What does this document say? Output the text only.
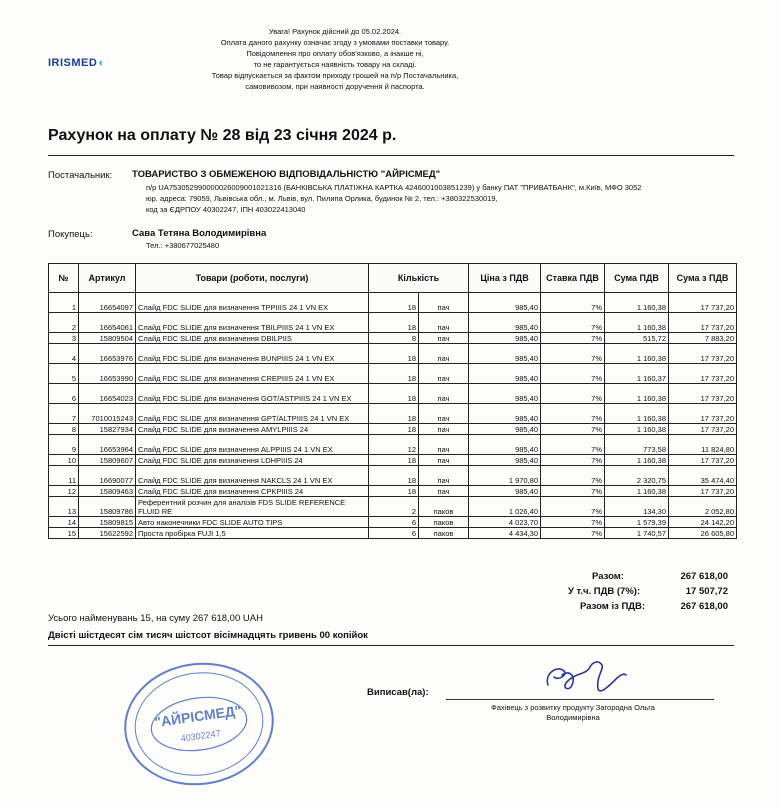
IRISMED◐
Увага! Рахунок дійсний до 05.02.2024.
Оплата даного рахунку означає згоду з умовами поставки товару.
Повідомлення про оплату обов'язково, а інакше ні,
то не гарантується наявність товару на складі.
Товар відпускається за фактом приходу грошей на п/р Постачальника,
самовивозом, при наявності доручення й паспорта.
Рахунок на оплату № 28 від 23 січня 2024 р.
Постачальник: ТОВАРИСТВО З ОБМЕЖЕНОЮ ВІДПОВІДАЛЬНІСТЮ "АЙРІСМЕД"
п/р UA753052990000026009001021316 (БАНКІВСЬКА ПЛАТІЖНА КАРТКА 4246001003851239) у банку ПАТ "ПРИВАТБАНК", м.Київ, МФО 3052
юр. адреса: 79059, Львівська обл., м. Львів, вул. Пилипа Орлика, будинок № 2, тел.: +380322530019,
код за ЄДРПОУ 40302247, ІПН 403022413040
Покупець:	Сава Тетяна Володимирівна
Тел.: +380677025480
№	Артикул	Товари (роботи, послуги)	Кількість		Ціна з ПДВ	Ставка ПДВ	Сума ПДВ	Сума з ПДВ
1	16654097	Слайд FDC SLIDE для визначення TPPIIIS 24 1 VN EX	18	пач	985,40	7%	1 160,38	17 737,20
2	16654061	Слайд FDC SLIDE для визначення TBILPIIIS 24 1 VN EX	18	пач	985,40	7%	1 160,38	17 737,20
3	15809504	Слайд FDC SLIDE для визначення DBILPIIS	8	пач	985,40	7%	515,72	7 883,20
4	16653976	Слайд FDC SLIDE для визначення BUNPIIIS 24 1 VN EX	18	пач	985,40	7%	1 160,38	17 737,20
5	16653990	Слайд FDC SLIDE для визначення CREPIIIS 24 1 VN EX	18	пач	985,40	7%	1 160,37	17 737,20
6	16654023	Слайд FDC SLIDE для визначення GOT/ASTPIIIS 24 1 VN EX	18	пач	985,40	7%	1 160,38	17 737,20
7	7010015243	Слайд FDC SLIDE для визначення GPT/ALTPIIIS 24 1 VN EX	18	пач	985,40	7%	1 160,38	17 737,20
8	15827934	Слайд FDC SLIDE для визначення AMYLPIIIS 24	18	пач	985,40	7%	1 160,38	17 737,20
9	16653964	Слайд FDC SLIDE для визначення ALPPIIIS 24 1 VN EX	12	пач	985,40	7%	773,58	11 824,80
10	15809607	Слайд FDC SLIDE для визначення LDHPIIIS 24	18	пач	985,40	7%	1 160,38	17 737,20
11	16690077	Слайд FDC SLIDE для визначення NAKCLS 24 1 VN EX	18	пач	1 970,80	7%	2 320,75	35 474,40
12	15809463	Слайд FDC SLIDE для визначення CPKPIIIS 24	18	пач	985,40	7%	1 160,38	17 737,20
13	15809786	Референтний розчин для аналізів FDS SLIDE REFERENCE FLUID RE	2	паков	1 026,40	7%	134,30	2 052,80
14	15809815	Авто наконечники FDC SLIDE AUTO TIPS	6	паков	4 023,70	7%	1 579,39	24 142,20
15	15622592	Проста пробірка FUJI 1,5	6	паков	4 434,30	7%	1 740,57	26 605,80
Разом:	267 618,00
У т.ч. ПДВ (7%):	17 507,72
Разом із ПДВ:	267 618,00
Усього найменувань 15, на суму 267 618,00 UAH
Двісті шістдесят сім тисяч шістсот вісімнадцять гривень 00 копійок
"АЙРІСМЕД"
40302247
Виписав(ла):
Фахівець з розвитку продукту Загородна Ольга Володимирівна
